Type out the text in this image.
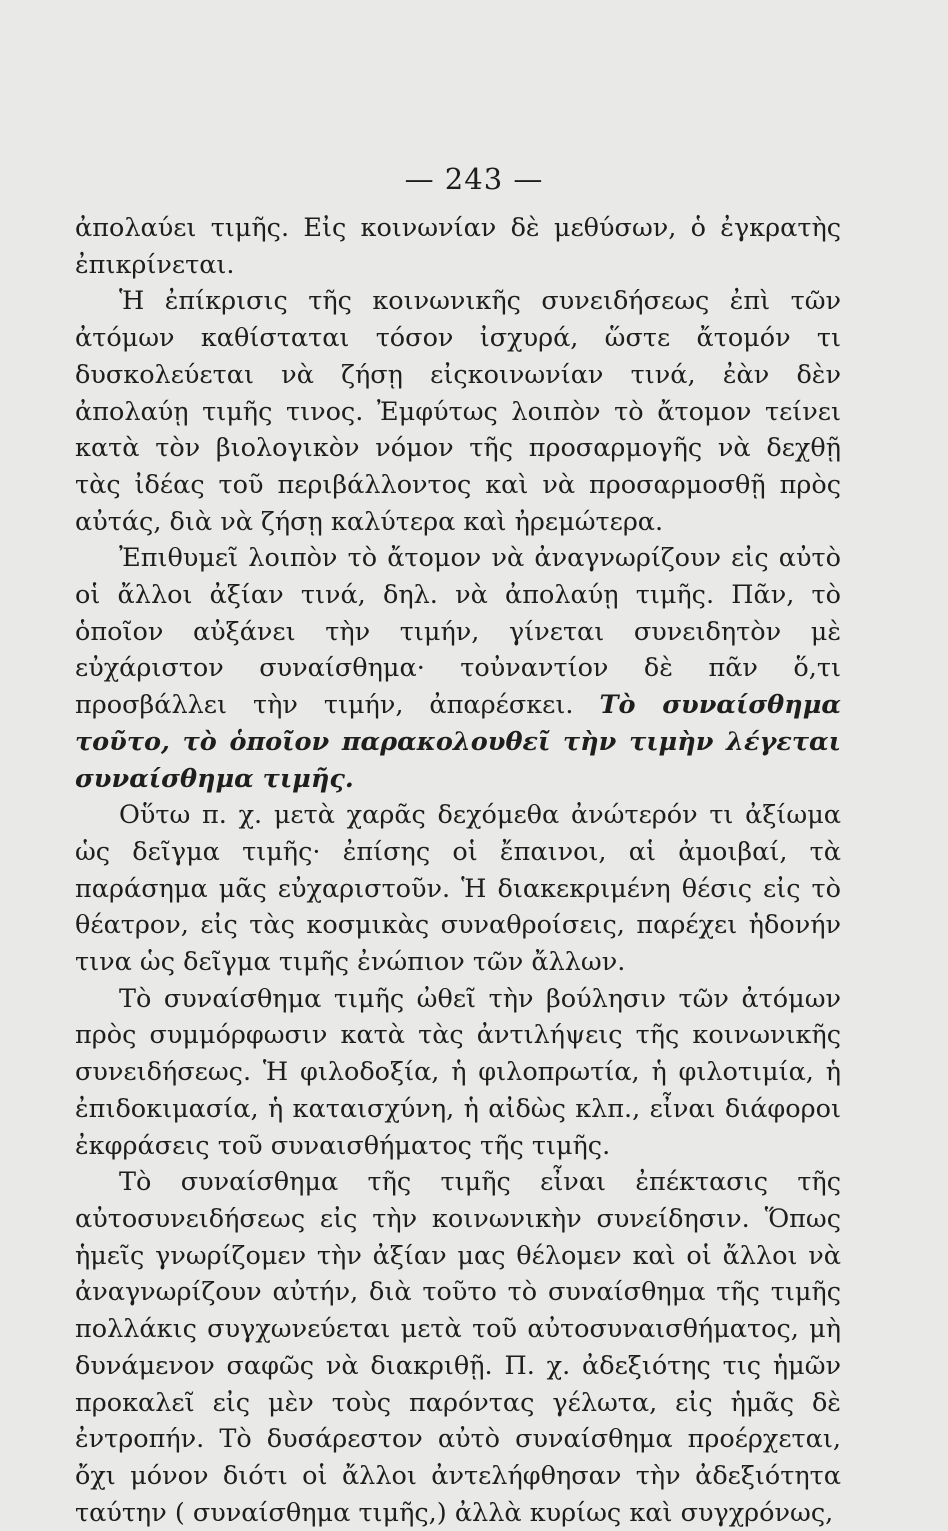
— 243 —

ἀπολαύει τιμῆς. Εἰς κοινωνίαν δὲ μεθύσων, ὁ ἐγκρατὴς ἐπικρίνεται.

Ἡ ἐπίκρισις τῆς κοινωνικῆς συνειδήσεως ἐπὶ τῶν ἀτόμων καθίσταται τόσον ἰσχυρά, ὥστε ἄτομόν τι δυσκολεύεται νὰ ζήσῃ εἰςκοινωνίαν τινά, ἐὰν δὲν ἀπολαύῃ τιμῆς τινος. Ἐμφύτως λοιπὸν τὸ ἄτομον τείνει κατὰ τὸν βιολογικὸν νόμον τῆς προσαρμογῆς νὰ δεχθῇ τὰς ἰδέας τοῦ περιβάλλοντος καὶ νὰ προσαρμοσθῇ πρὸς αὐτάς, διὰ νὰ ζήσῃ καλύτερα καὶ ἠρεμώτερα.

Ἐπιθυμεῖ λοιπὸν τὸ ἄτομον νὰ ἀναγνωρίζουν εἰς αὐτὸ οἱ ἄλλοι ἀξίαν τινά, δηλ. νὰ ἀπολαύῃ τιμῆς. Πᾶν, τὸ ὁποῖον αὐξάνει τὴν τιμήν, γίνεται συνειδητὸν μὲ εὐχάριστον συναίσθημα· τοὐναντίον δὲ πᾶν ὅ,τι προσβάλλει τὴν τιμήν, ἀπαρέσκει. Τὸ συναίσθημα τοῦτο, τὸ ὁποῖον παρακολουθεῖ τὴν τιμὴν λέγεται συναίσθημα τιμῆς.

Οὕτω π. χ. μετὰ χαρᾶς δεχόμεθα ἀνώτερόν τι ἀξίωμα ὡς δεῖγμα τιμῆς· ἐπίσης οἱ ἔπαινοι, αἱ ἀμοιβαί, τὰ παράσημα μᾶς εὐχαριστοῦν. Ἡ διακεκριμένη θέσις εἰς τὸ θέατρον, εἰς τὰς κοσμικὰς συναθροίσεις, παρέχει ἡδονήν τινα ὡς δεῖγμα τιμῆς ἐνώπιον τῶν ἄλλων.

Τὸ συναίσθημα τιμῆς ὠθεῖ τὴν βούλησιν τῶν ἀτόμων πρὸς συμμόρφωσιν κατὰ τὰς ἀντιλήψεις τῆς κοινωνικῆς συνειδήσεως. Ἡ φιλοδοξία, ἡ φιλοπρωτία, ἡ φιλοτιμία, ἡ ἐπιδοκιμασία, ἡ καταισχύνη, ἡ αἰδὼς κλπ., εἶναι διάφοροι ἐκφράσεις τοῦ συναισθήματος τῆς τιμῆς.

Τὸ συναίσθημα τῆς τιμῆς εἶναι ἐπέκτασις τῆς αὐτοσυνειδήσεως εἰς τὴν κοινωνικὴν συνείδησιν. Ὅπως ἡμεῖς γνωρίζομεν τὴν ἀξίαν μας θέλομεν καὶ οἱ ἄλλοι νὰ ἀναγνωρίζουν αὐτήν, διὰ τοῦτο τὸ συναίσθημα τῆς τιμῆς πολλάκις συγχωνεύεται μετὰ τοῦ αὐτοσυναισθήματος, μὴ δυνάμενον σαφῶς νὰ διακριθῇ. Π. χ. ἀδεξιότης τις ἡμῶν προκαλεῖ εἰς μὲν τοὺς παρόντας γέλωτα, εἰς ἡμᾶς δὲ ἐντροπήν. Τὸ δυσάρεστον αὐτὸ συναίσθημα προέρχεται, ὄχι μόνον διότι οἱ ἄλλοι ἀντελήφθησαν τὴν ἀδεξιότητα ταύτην ( συναίσθημα τιμῆς,) ἀλλὰ κυρίως καὶ συγχρόνως,
